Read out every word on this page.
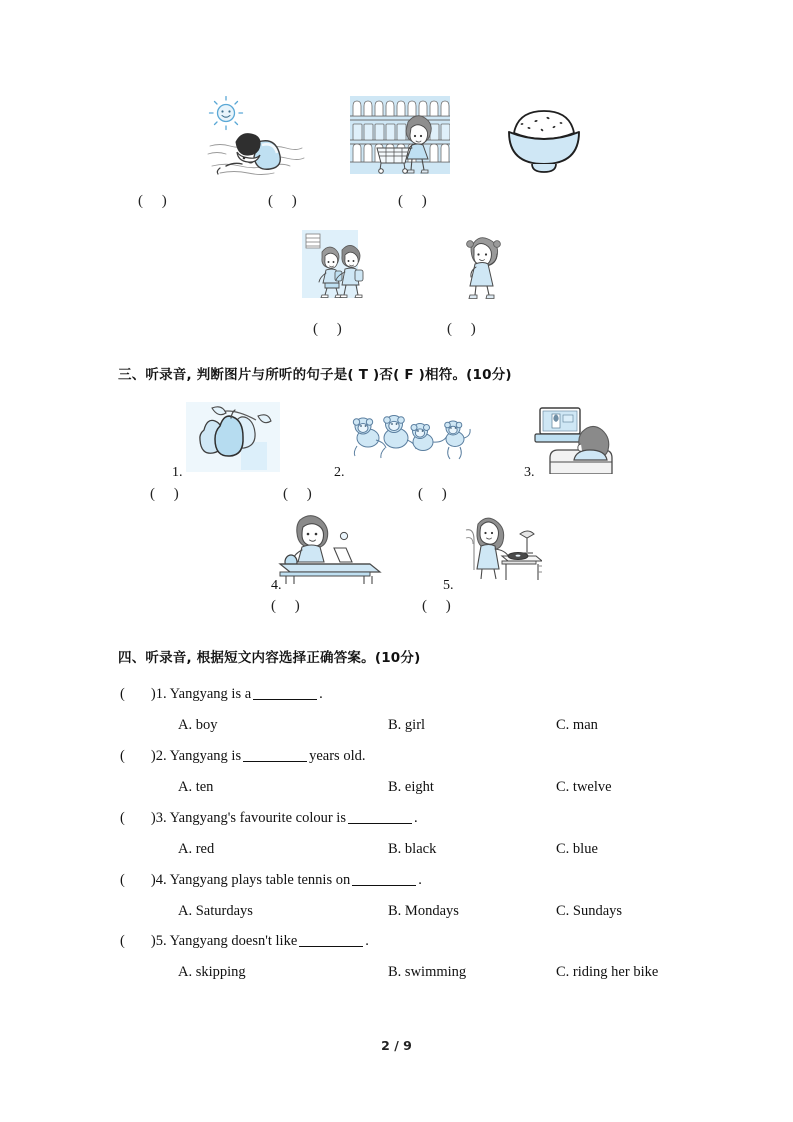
(     )	(     )	(     )
(     )	(     )
三、听录音, 判断图片与所听的句子是( T )否( F )相符。(10分)
1.	2.	3.
(     )	(     )	(     )
4.	5.
(     )	(     )
四、听录音, 根据短文内容选择正确答案。(10分)
( )1. Yangyang is a	.
A. boy	B. girl	C. man
( )2. Yangyang is	years old.
A. ten	B. eight	C. twelve
( )3. Yangyang's favourite colour is	.
A. red	B. black	C. blue
( )4. Yangyang plays table tennis on	.
A. Saturdays	B. Mondays	C. Sundays
( )5. Yangyang doesn't like	.
A. skipping	B. swimming	C. riding her bike
2 / 9
